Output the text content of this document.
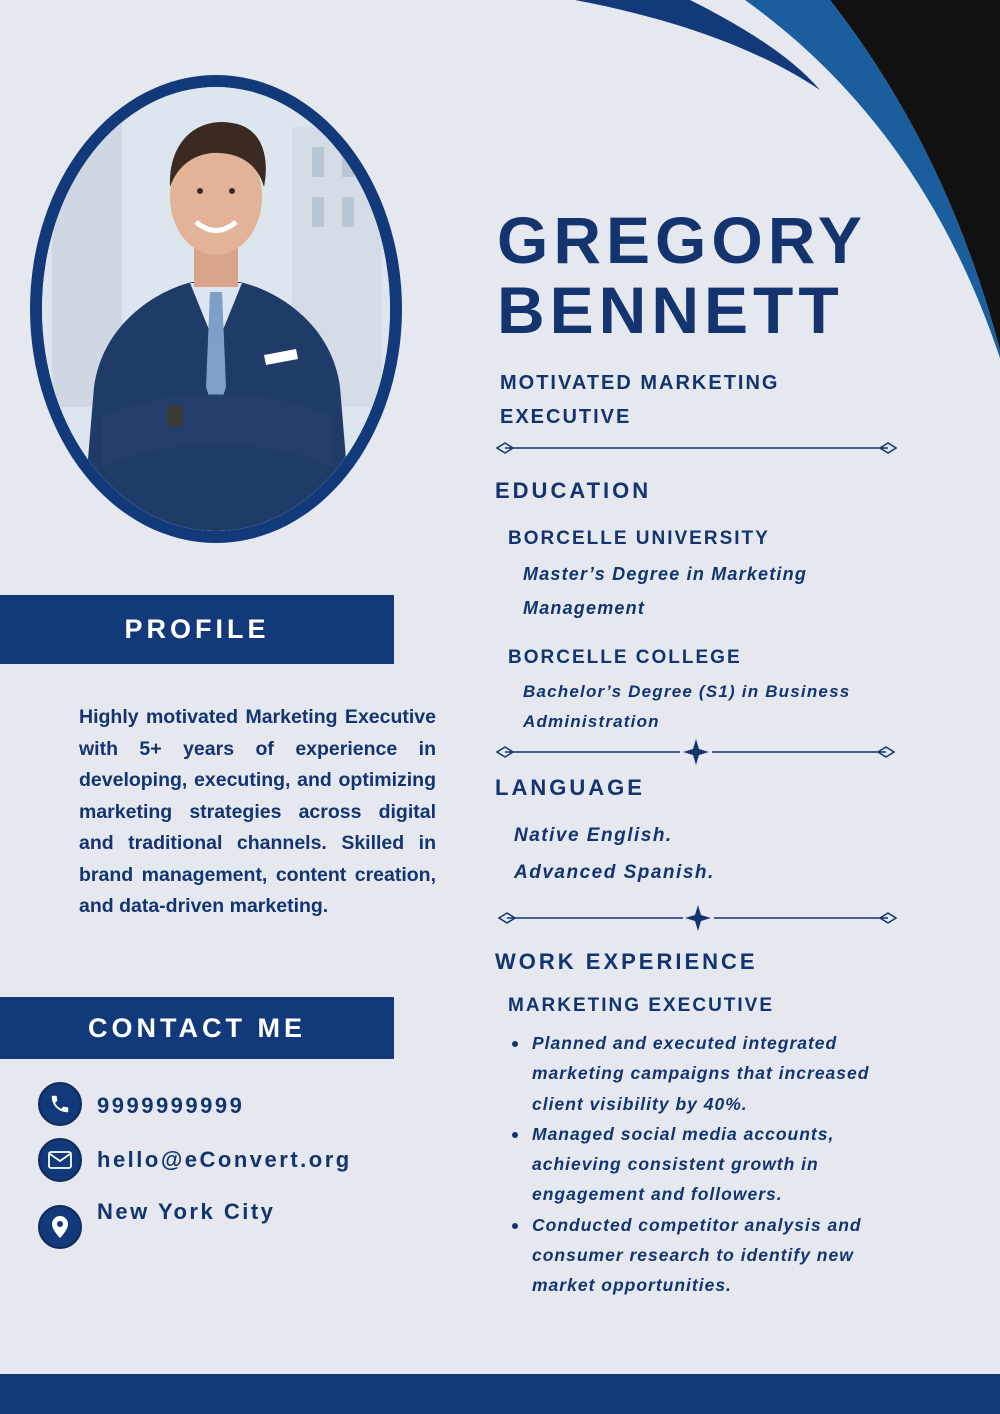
GREGORY
BENNETT
MOTIVATED MARKETING
EXECUTIVE
EDUCATION
BORCELLE UNIVERSITY
Master’s Degree in Marketing
Management
BORCELLE COLLEGE
Bachelor’s Degree (S1) in Business
Administration
LANGUAGE
Native English.
Advanced Spanish.
WORK EXPERIENCE
MARKETING EXECUTIVE
Planned and executed integrated
marketing campaigns that increased
client visibility by 40%.
Managed social media accounts,
achieving consistent growth in
engagement and followers.
Conducted competitor analysis and
consumer research to identify new
market opportunities.
PROFILE
Highly motivated Marketing Executive with 5+ years of experience in developing, executing, and optimizing marketing strategies across digital and traditional channels. Skilled in brand management, content creation, and data-driven marketing.
CONTACT ME
9999999999
hello@eConvert.org
New York City
